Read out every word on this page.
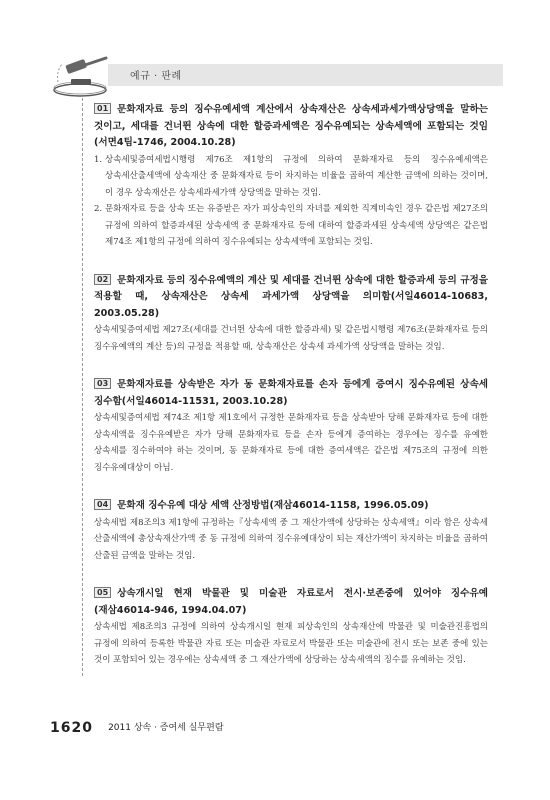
예규 · 판례
01 문화재자료 등의 징수유예세액 계산에서 상속재산은 상속세과세가액상당액을 말하는 것이고, 세대를 건너뛴 상속에 대한 할증과세액은 징수유예되는 상속세액에 포함되는 것임(서면4팀-1746, 2004.10.28)
1. 상속세및증여세법시행령 제76조 제1항의 규정에 의하여 문화재자료 등의 징수유예세액은 상속세산출세액에 상속재산 중 문화재자료 등이 차지하는 비율을 곱하여 계산한 금액에 의하는 것이며, 이 경우 상속재산은 상속세과세가액 상당액을 말하는 것임.
2. 문화재자료 등을 상속 또는 유증받은 자가 피상속인의 자녀를 제외한 직계비속인 경우 같은법 제27조의 규정에 의하여 할증과세된 상속세액 중 문화재자료 등에 대하여 할증과세된 상속세액 상당액은 같은법 제74조 제1항의 규정에 의하여 징수유예되는 상속세액에 포함되는 것임.
02 문화재자료 등의 징수유예액의 계산 및 세대를 건너뛴 상속에 대한 할증과세 등의 규정을 적용할 때, 상속재산은 상속세 과세가액 상당액을 의미함(서일46014-10683, 2003.05.28)

상속세및증여세법 제27조(세대를 건너뛴 상속에 대한 할증과세) 및 같은법시행령 제76조(문화재자료 등의 징수유예액의 계산 등)의 규정을 적용할 때, 상속재산은 상속세 과세가액 상당액을 말하는 것임.

03 문화재자료를 상속받은 자가 동 문화재자료를 손자 등에게 증여시 징수유예된 상속세 징수함(서일46014-11531, 2003.10.28)

상속세및증여세법 제74조 제1항 제1호에서 규정한 문화재자료 등을 상속받아 당해 문화재자료 등에 대한 상속세액을 징수유예받은 자가 당해 문화재자료 등을 손자 등에게 증여하는 경우에는 징수를 유예한 상속세를 징수하여야 하는 것이며, 동 문화재자료 등에 대한 증여세액은 같은법 제75조의 규정에 의한 징수유예대상이 아님.

04 문화재 징수유예 대상 세액 산정방법(재삼46014-1158, 1996.05.09)

상속세법 제8조의3 제1항에 규정하는『상속세액 중 그 재산가액에 상당하는 상속세액』이라 함은 상속세 산출세액에 총상속재산가액 중 동 규정에 의하여 징수유예대상이 되는 재산가액이 차지하는 비율을 곱하여 산출된 금액을 말하는 것임.

05 상속개시일 현재 박물관 및 미술관 자료로서 전시·보존중에 있어야 징수유예(재삼46014-946, 1994.04.07)

상속세법 제8조의3 규정에 의하여 상속개시일 현재 피상속인의 상속재산에 박물관 및 미술관진흥법의 규정에 의하여 등록한 박물관 자료 또는 미술관 자료로서 박물관 또는 미술관에 전시 또는 보존 중에 있는 것이 포함되어 있는 경우에는 상속세액 중 그 재산가액에 상당하는 상속세액의 징수를 유예하는 것임.

1620 2011 상속 · 증여세 실무편람
